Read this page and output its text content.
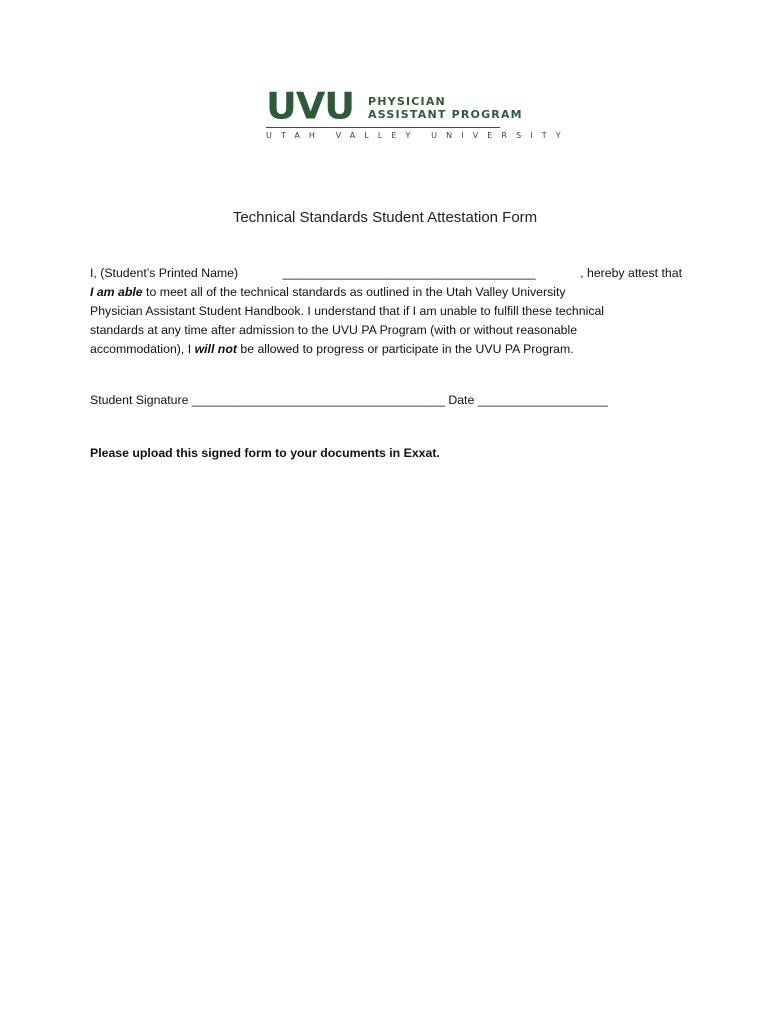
UVU PHYSICIAN
ASSISTANT PROGRAM
UTAH VALLEY UNIVERSITY
Technical Standards Student Attestation Form
I, (Student’s Printed Name)	_____________________________________	, hereby attest that
I am able to meet all of the technical standards as outlined in the Utah Valley University
Physician Assistant Student Handbook. I understand that if I am unable to fulfill these technical
standards at any time after admission to the UVU PA Program (with or without reasonable
accommodation), I will not be allowed to progress or participate in the UVU PA Program.
Student Signature _____________________________________ Date ___________________
Please upload this signed form to your documents in Exxat.
